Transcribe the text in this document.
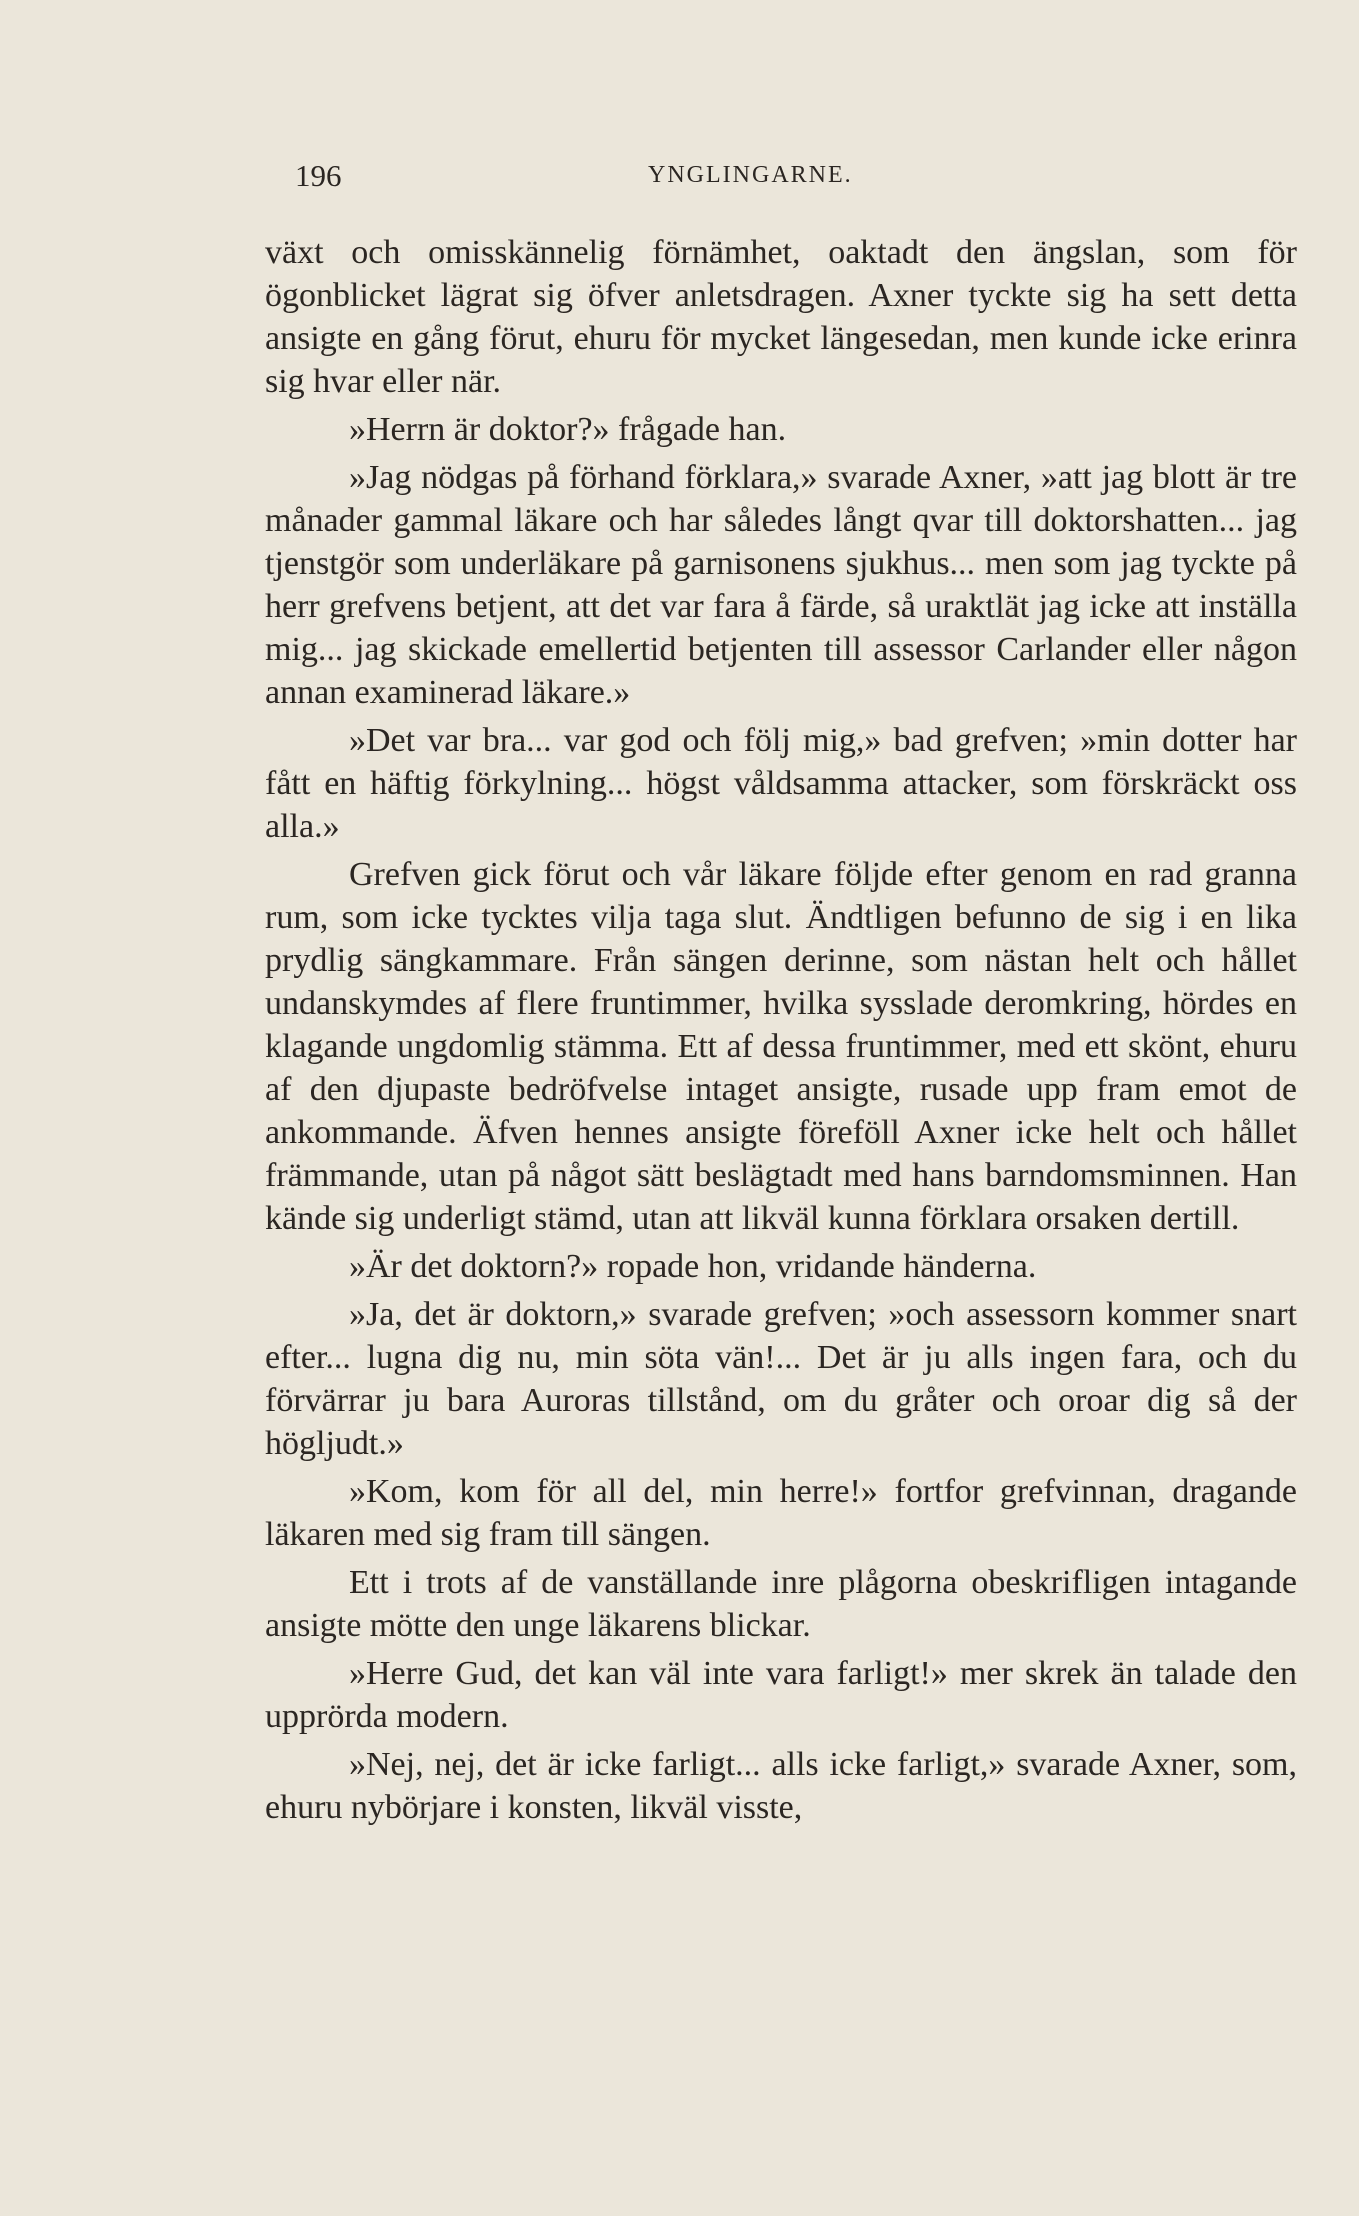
196	YNGLINGARNE.

växt och omisskännelig förnämhet, oaktadt den ängslan, som för ögonblicket lägrat sig öfver anletsdragen. Axner tyckte sig ha sett detta ansigte en gång förut, ehuru för mycket längesedan, men kunde icke erinra sig hvar eller när.

»Herrn är doktor?» frågade han.

»Jag nödgas på förhand förklara,» svarade Axner, »att jag blott är tre månader gammal läkare och har således långt qvar till doktorshatten... jag tjenstgör som underläkare på garnisonens sjukhus... men som jag tyckte på herr grefvens betjent, att det var fara å färde, så uraktlät jag icke att inställa mig... jag skickade emellertid betjenten till assessor Carlander eller någon annan examinerad läkare.»

»Det var bra... var god och följ mig,» bad grefven; »min dotter har fått en häftig förkylning... högst våldsamma attacker, som förskräckt oss alla.»

Grefven gick förut och vår läkare följde efter genom en rad granna rum, som icke tycktes vilja taga slut. Ändtligen befunno de sig i en lika prydlig sängkammare. Från sängen derinne, som nästan helt och hållet undanskymdes af flere fruntimmer, hvilka sysslade deromkring, hördes en klagande ungdomlig stämma. Ett af dessa fruntimmer, med ett skönt, ehuru af den djupaste bedröfvelse intaget ansigte, rusade upp fram emot de ankommande. Äfven hennes ansigte föreföll Axner icke helt och hållet främmande, utan på något sätt beslägtadt med hans barndomsminnen. Han kände sig underligt stämd, utan att likväl kunna förklara orsaken dertill.

»Är det doktorn?» ropade hon, vridande händerna.

»Ja, det är doktorn,» svarade grefven; »och assessorn kommer snart efter... lugna dig nu, min söta vän!... Det är ju alls ingen fara, och du förvärrar ju bara Auroras tillstånd, om du gråter och oroar dig så der högljudt.»

»Kom, kom för all del, min herre!» fortfor grefvinnan, dragande läkaren med sig fram till sängen.

Ett i trots af de vanställande inre plågorna obeskrifligen intagande ansigte mötte den unge läkarens blickar.

»Herre Gud, det kan väl inte vara farligt!» mer skrek än talade den upprörda modern.

»Nej, nej, det är icke farligt... alls icke farligt,» svarade Axner, som, ehuru nybörjare i konsten, likväl visste,
